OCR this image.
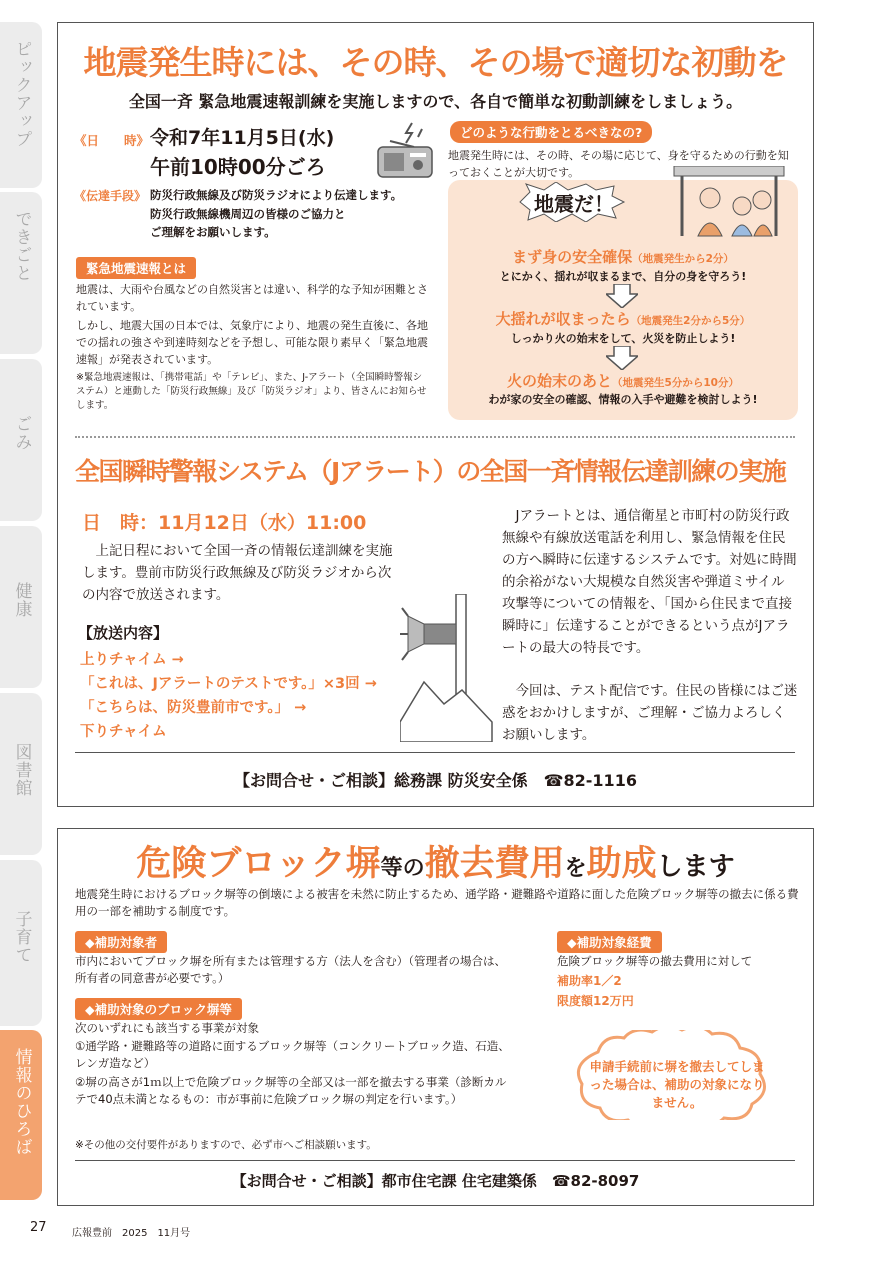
ピックアップ
できごと
ごみ
健康
図書館
子育て
情報のひろば
地震発生時には、その時、その場で適切な初動を
全国一斉 緊急地震速報訓練を実施しますので、各自で簡単な初動訓練をしましょう。
《日　　時》 令和7年11月5日(水)
午前10時00分ごろ
《伝達手段》 防災行政無線及び防災ラジオにより伝達します。
防災行政無線機周辺の皆様のご協力と
ご理解をお願いします。
緊急地震速報とは
地震は、大雨や台風などの自然災害とは違い、科学的な予知が困難とされています。
しかし、地震大国の日本では、気象庁により、地震の発生直後に、各地での揺れの強さや到達時刻などを予想し、可能な限り素早く「緊急地震速報」が発表されています。
※緊急地震速報は、「携帯電話」や「テレビ」、また、J-アラート（全国瞬時警報システム）と連動した「防災行政無線」及び「防災ラジオ」より、皆さんにお知らせします。
どのような行動をとるべきなの?
地震発生時には、その時、その場に応じて、身を守るための行動を知っておくことが大切です。
地震だ！
まず身の安全確保（地震発生から2分）
とにかく、揺れが収まるまで、自分の身を守ろう!
大揺れが収まったら（地震発生2分から5分）
しっかり火の始末をして、火災を防止しよう!
火の始末のあと（地震発生5分から10分）
わが家の安全の確認、情報の入手や避難を検討しよう!
全国瞬時警報システム（Jアラート）の全国一斉情報伝達訓練の実施
日　時：11月12日（水）11:00
上記日程において全国一斉の情報伝達訓練を実施します。豊前市防災行政無線及び防災ラジオから次の内容で放送されます。
【放送内容】
上りチャイム →
「これは、Jアラートのテストです。」×3回 →
「こちらは、防災豊前市です。」 →
下りチャイム
Jアラートとは、通信衛星と市町村の防災行政無線や有線放送電話を利用し、緊急情報を住民の方へ瞬時に伝達するシステムです。対処に時間的余裕がない大規模な自然災害や弾道ミサイル攻撃等についての情報を、「国から住民まで直接瞬時に」伝達することができるという点がJアラートの最大の特長です。
今回は、テスト配信です。住民の皆様にはご迷惑をおかけしますが、ご理解・ご協力よろしくお願いします。
【お問合せ・ご相談】総務課 防災安全係　☎82-1116
危険ブロック塀等の撤去費用を助成します
地震発生時におけるブロック塀等の倒壊による被害を未然に防止するため、通学路・避難路や道路に面した危険ブロック塀等の撤去に係る費用の一部を補助する制度です。
◆補助対象者
市内においてブロック塀を所有または管理する方（法人を含む）（管理者の場合は、所有者の同意書が必要です。）
◆補助対象のブロック塀等
次のいずれにも該当する事業が対象
①通学路・避難路等の道路に面するブロック塀等（コンクリートブロック造、石造、レンガ造など）
②塀の高さが1ｍ以上で危険ブロック塀等の全部又は一部を撤去する事業（診断カルテで40点未満となるもの：市が事前に危険ブロック塀の判定を行います。）
※その他の交付要件がありますので、必ず市へご相談願います。
◆補助対象経費
危険ブロック塀等の撤去費用に対して
補助率1／2
限度額12万円
申請手続前に塀を撤去してしまった場合は、補助の対象になりません。
【お問合せ・ご相談】都市住宅課 住宅建築係　☎82-8097
27	広報豊前　2025　11月号
